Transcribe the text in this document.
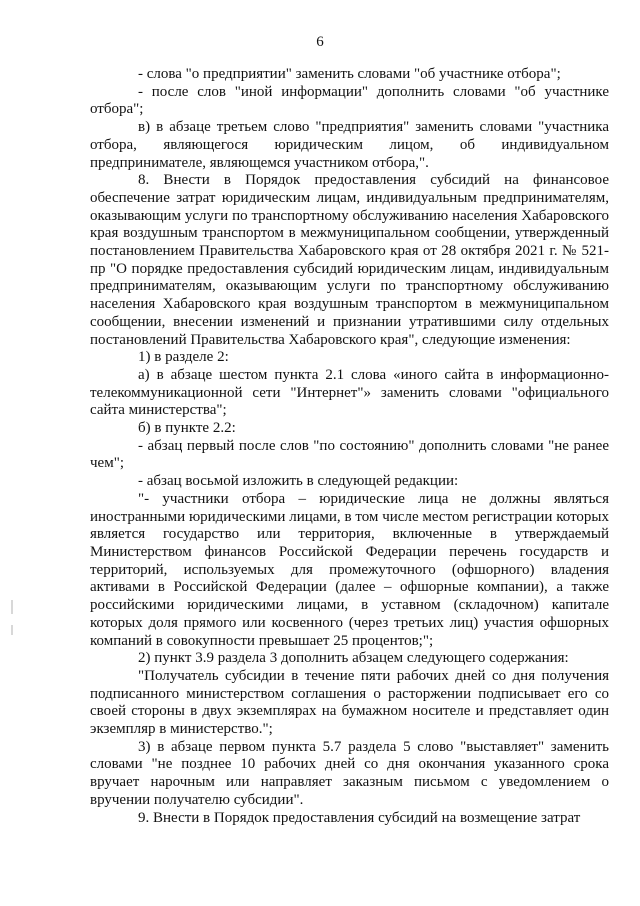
6

- слова "о предприятии" заменить словами "об участнике отбора";

- после слов "иной информации" дополнить словами "об участнике отбора";

в) в абзаце третьем слово "предприятия" заменить словами "участника отбора, являющегося юридическим лицом, об индивидуальном предпринимателе, являющемся участником отбора,".

8. Внести в Порядок предоставления субсидий на финансовое обеспечение затрат юридическим лицам, индивидуальным предпринимателям, оказывающим услуги по транспортному обслуживанию населения Хабаровского края воздушным транспортом в межмуниципальном сообщении, утвержденный постановлением Правительства Хабаровского края от 28 октября 2021 г. № 521-пр "О порядке предоставления субсидий юридическим лицам, индивидуальным предпринимателям, оказывающим услуги по транспортному обслуживанию населения Хабаровского края воздушным транспортом в межмуниципальном сообщении, внесении изменений и признании утратившими силу отдельных постановлений Правительства Хабаровского края", следующие изменения:

1) в разделе 2:

а) в абзаце шестом пункта 2.1 слова «иного сайта в информационно-телекоммуникационной сети "Интернет"» заменить словами "официального сайта министерства";

б) в пункте 2.2:

- абзац первый после слов "по состоянию" дополнить словами "не ранее чем";

- абзац восьмой изложить в следующей редакции:

"- участники отбора – юридические лица не должны являться иностранными юридическими лицами, в том числе местом регистрации которых является государство или территория, включенные в утверждаемый Министерством финансов Российской Федерации перечень государств и территорий, используемых для промежуточного (офшорного) владения активами в Российской Федерации (далее – офшорные компании), а также российскими юридическими лицами, в уставном (складочном) капитале которых доля прямого или косвенного (через третьих лиц) участия офшорных компаний в совокупности превышает 25 процентов;";

2) пункт 3.9 раздела 3 дополнить абзацем следующего содержания:

"Получатель субсидии в течение пяти рабочих дней со дня получения подписанного министерством соглашения о расторжении подписывает его со своей стороны в двух экземплярах на бумажном носителе и представляет один экземпляр в министерство.";

3) в абзаце первом пункта 5.7 раздела 5 слово "выставляет" заменить словами "не позднее 10 рабочих дней со дня окончания указанного срока вручает нарочным или направляет заказным письмом с уведомлением о вручении получателю субсидии".

9. Внести в Порядок предоставления субсидий на возмещение затрат
